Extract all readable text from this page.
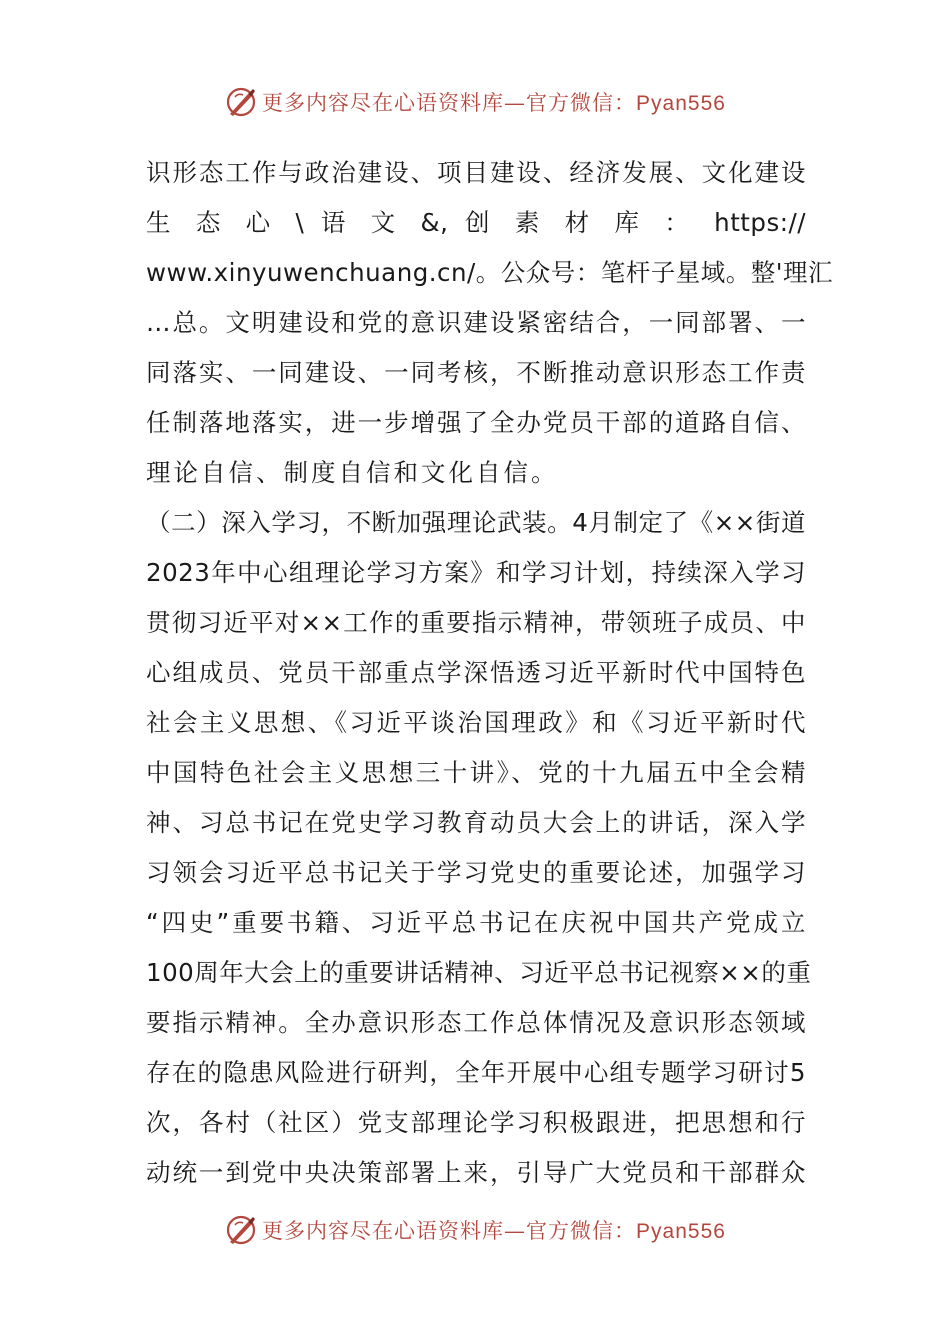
更多内容尽在心语资料库—官方微信：Pyan556
识形态工作与政治建设、项目建设、经济发展、文化建设
生 态 心 \ 语 文 &, 创 素 材 库 ： https://
www.xinyuwenchuang.cn/。公众号：笔杆子星域。整'理汇
…总。文明建设和党的意识建设紧密结合，一同部署、一
同落实、一同建设、一同考核，不断推动意识形态工作责
任制落地落实，进一步增强了全办党员干部的道路自信、
理论自信、制度自信和文化自信。
（二）深入学习，不断加强理论武装。4月制定了《××街道
2023年中心组理论学习方案》和学习计划，持续深入学习
贯彻习近平对××工作的重要指示精神，带领班子成员、中
心组成员、党员干部重点学深悟透习近平新时代中国特色
社会主义思想、《习近平谈治国理政》和《习近平新时代
中国特色社会主义思想三十讲》、党的十九届五中全会精
神、习总书记在党史学习教育动员大会上的讲话，深入学
习领会习近平总书记关于学习党史的重要论述，加强学习
“四史”重要书籍、习近平总书记在庆祝中国共产党成立
100周年大会上的重要讲话精神、习近平总书记视察××的重
要指示精神。全办意识形态工作总体情况及意识形态领域
存在的隐患风险进行研判，全年开展中心组专题学习研讨5
次，各村（社区）党支部理论学习积极跟进，把思想和行
动统一到党中央决策部署上来，引导广大党员和干部群众
更多内容尽在心语资料库—官方微信：Pyan556
